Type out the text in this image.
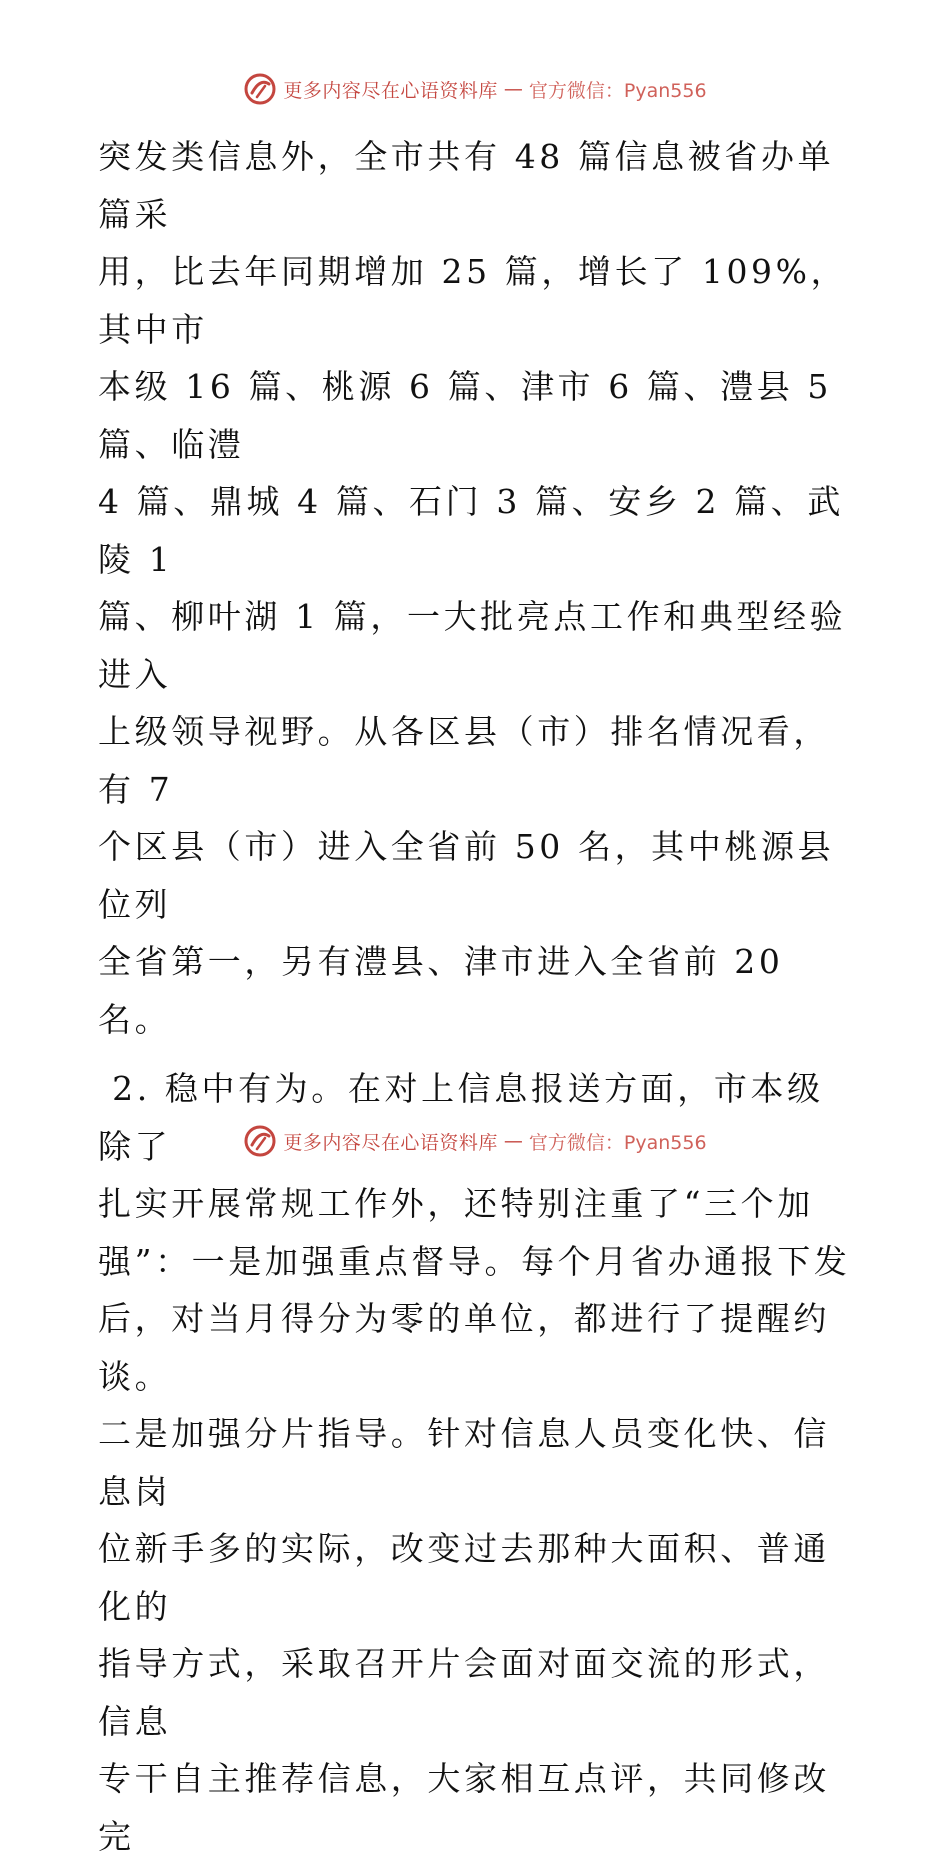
更多内容尽在心语资料库 — 官方微信：Pyan556

突发类信息外，全市共有 48 篇信息被省办单篇采

用，比去年同期增加 25 篇，增长了 109%，其中市

本级 16 篇、桃源 6 篇、津市 6 篇、澧县 5 篇、临澧

4 篇、鼎城 4 篇、石门 3 篇、安乡 2 篇、武陵 1

篇、柳叶湖 1 篇，一大批亮点工作和典型经验进入

上级领导视野。从各区县（市）排名情况看，有 7

个区县（市）进入全省前 50 名，其中桃源县位列

全省第一，另有澧县、津市进入全省前 20 名。

2. 稳中有为。在对上信息报送方面，市本级除了

扎实开展常规工作外，还特别注重了“三个加

强”：一是加强重点督导。每个月省办通报下发

后，对当月得分为零的单位，都进行了提醒约谈。

二是加强分片指导。针对信息人员变化快、信息岗

位新手多的实际，改变过去那种大面积、普通化的

指导方式，采取召开片会面对面交流的形式，信息

专干自主推荐信息，大家相互点评，共同修改完

更多内容尽在心语资料库 — 官方微信：Pyan556
